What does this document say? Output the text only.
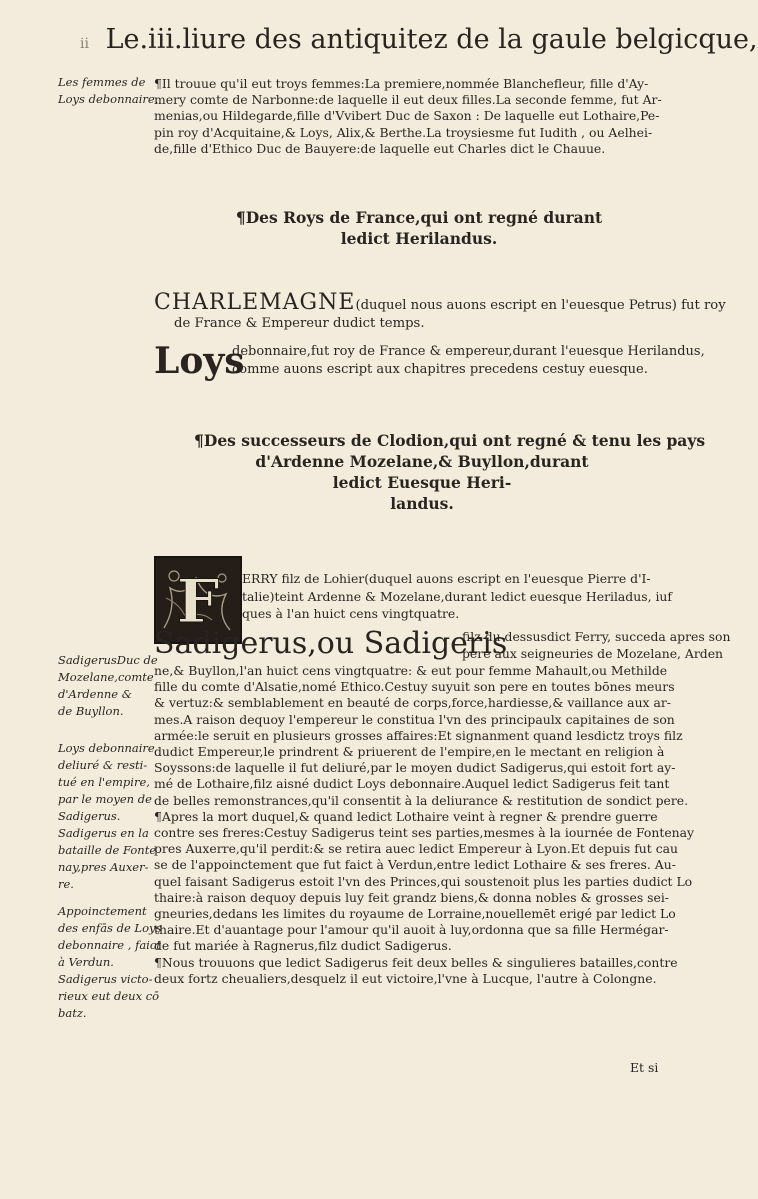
ii Le.iii.liure des antiquitez de la gaule belgicque,
Les femmes de
Loys debonnaire.
SadigerusDuc de
Mozelane,comte
d'Ardenne &
de Buyllon.
Loys debonnaire
deliuré & resti-
tué en l'empire,
par le moyen de
Sadigerus.
Sadigerus en la
bataille de Fonte
nay,pres Auxer-
re.
Appoinctement
des enfās de Loys
debonnaire , faict
à Verdun.
Sadigerus victo-
rieux eut deux cō
batz.
¶Il trouue qu'il eut troys femmes:La premiere,nommée Blanchefleur, fille d'Ay-
mery comte de Narbonne:de laquelle il eut deux filles.La seconde femme, fut Ar-
menias,ou Hildegarde,fille d'Vvibert Duc de Saxon : De laquelle eut Lothaire,Pe-
pin roy d'Acquitaine,& Loys, Alix,& Berthe.La troysiesme fut Iudith , ou Aelhei-
de,fille d'Ethico Duc de Bauyere:de laquelle eut Charles dict le Chauue.
¶Des Roys de France,qui ont regné durant
ledict Herilandus.
CHARLEMAGNE(duquel nous auons escript en l'euesque Petrus) fut roy
de France & Empereur dudict temps.
Loys
debonnaire,fut roy de France & empereur,durant l'euesque Herilandus,
comme auons escript aux chapitres precedens cestuy euesque.
¶Des successeurs de Clodion,qui ont regné & tenu les pays
d'Ardenne Mozelane,& Buyllon,durant
ledict Euesque Heri-
landus.
F ERRY filz de Lohier(duquel auons escript en l'euesque Pierre d'I-
talie)teint Ardenne & Mozelane,durant ledict euesque Heriladus, iuf
ques à l'an huict cens vingtquatre.
Sadigerus,ou Sadigeris
filz du dessusdict Ferry, succeda apres son
pere aux seigneuries de Mozelane, Arden
ne,& Buyllon,l'an huict cens vingtquatre: & eut pour femme Mahault,ou Methilde
fille du comte d'Alsatie,nomé Ethico.Cestuy suyuit son pere en toutes bōnes meurs
& vertuz:& semblablement en beauté de corps,force,hardiesse,& vaillance aux ar-
mes.A raison dequoy l'empereur le constitua l'vn des principaulx capitaines de son
armée:le seruit en plusieurs grosses affaires:Et signanment quand lesdictz troys filz
dudict Empereur,le prindrent & priuerent de l'empire,en le mectant en religion à
Soyssons:de laquelle il fut deliuré,par le moyen dudict Sadigerus,qui estoit fort ay-
mé de Lothaire,filz aisné dudict Loys debonnaire.Auquel ledict Sadigerus feit tant
de belles remonstrances,qu'il consentit à la deliurance & restitution de sondict pere.
¶Apres la mort duquel,& quand ledict Lothaire veint à regner & prendre guerre
contre ses freres:Cestuy Sadigerus teint ses parties,mesmes à la iournée de Fontenay
pres Auxerre,qu'il perdit:& se retira auec ledict Empereur à Lyon.Et depuis fut cau
se de l'appoinctement que fut faict à Verdun,entre ledict Lothaire & ses freres. Au-
quel faisant Sadigerus estoit l'vn des Princes,qui soustenoit plus les parties dudict Lo
thaire:à raison dequoy depuis luy feit grandz biens,& donna nobles & grosses sei-
gneuries,dedans les limites du royaume de Lorraine,nouellemēt erigé par ledict Lo
thaire.Et d'auantage pour l'amour qu'il auoit à luy,ordonna que sa fille Hermégar-
de fut mariée à Ragnerus,filz dudict Sadigerus.
¶Nous trouuons que ledict Sadigerus feit deux belles & singulieres batailles,contre
deux fortz cheualiers,desquelz il eut victoire,l'vne à Lucque, l'autre à Colongne.
Et si
